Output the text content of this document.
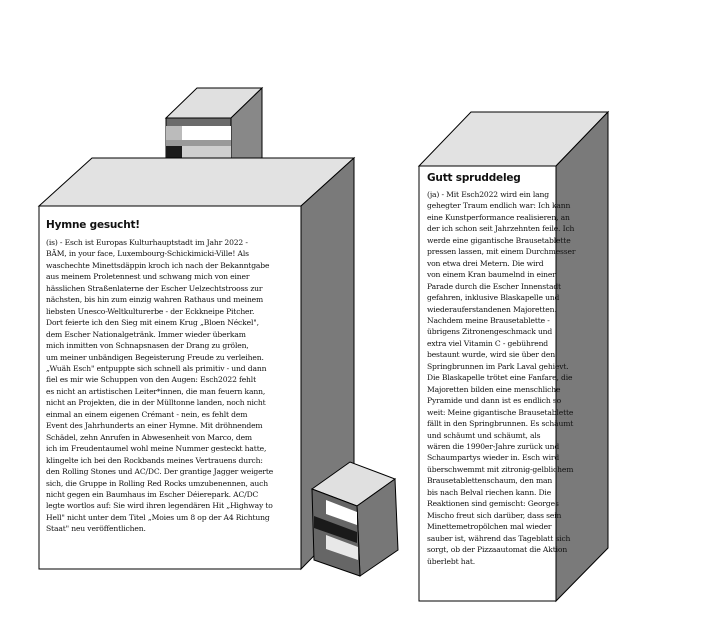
Hymne gesucht!
(is) - Esch ist Europas Kulturhauptstadt im Jahr 2022 -
BÄM, in your face, Luxembourg-Schickimicki-Ville! Als
waschechte Minettsdäppin kroch ich nach der Bekanntgabe
aus meinem Proletennest und schwang mich von einer
hässlichen Straßenlaterne der Escher Uelzechtstrooss zur
nächsten, bis hin zum einzig wahren Rathaus und meinem
liebsten Unesco-Weltkulturerbe - der Eckkneipe Pitcher.
Dort feierte ich den Sieg mit einem Krug „Bloen Néckel",
dem Escher Nationalgetränk. Immer wieder überkam
mich inmitten von Schnapsnasen der Drang zu grölen,
um meiner unbändigen Begeisterung Freude zu verleihen.
„Wuäh Esch" entpuppte sich schnell als primitiv - und dann
fiel es mir wie Schuppen von den Augen: Esch2022 fehlt
es nicht an artistischen Leiter*innen, die man feuern kann,
nicht an Projekten, die in der Mülltonne landen, noch nicht
einmal an einem eigenen Crémant - nein, es fehlt dem
Event des Jahrhunderts an einer Hymne. Mit dröhnendem
Schädel, zehn Anrufen in Abwesenheit von Marco, dem
ich im Freudentaumel wohl meine Nummer gesteckt hatte,
klingelte ich bei den Rockbands meines Vertrauens durch:
den Rolling Stones und AC/DC. Der grantige Jagger weigerte
sich, die Gruppe in Rolling Red Rocks umzubenennen, auch
nicht gegen ein Baumhaus im Escher Déierepark. AC/DC
legte wortlos auf: Sie wird ihren legendären Hit „Highway to
Hell" nicht unter dem Titel „Moies um 8 op der A4 Richtung
Staat" neu veröffentlichen.
Gutt spruddeleg
(ja) - Mit Esch2022 wird ein lang
gehegter Traum endlich war: Ich kann
eine Kunstperformance realisieren, an
der ich schon seit Jahrzehnten feile. Ich
werde eine gigantische Brausetablette
pressen lassen, mit einem Durchmesser
von etwa drei Metern. Die wird
von einem Kran baumelnd in einer
Parade durch die Escher Innenstadt
gefahren, inklusive Blaskapelle und
wiederauferstandenen Majoretten.
Nachdem meine Brausetablette -
übrigens Zitronengeschmack und
extra viel Vitamin C - gebührend
bestaunt wurde, wird sie über den
Springbrunnen im Park Laval gehievt.
Die Blaskapelle trötet eine Fanfare, die
Majoretten bilden eine menschliche
Pyramide und dann ist es endlich so
weit: Meine gigantische Brausetablette
fällt in den Springbrunnen. Es schäumt
und schäumt und schäumt, als
wären die 1990er-Jahre zurück und
Schaumpartys wieder in. Esch wird
überschwemmt mit zitronig-gelblichem
Brausetablettenschaum, den man
bis nach Belval riechen kann. Die
Reaktionen sind gemischt: Georges
Mischo freut sich darüber, dass sein
Minettemetropölchen mal wieder
sauber ist, während das Tageblatt sich
sorgt, ob der Pizzaautomat die Aktion
überlebt hat.
